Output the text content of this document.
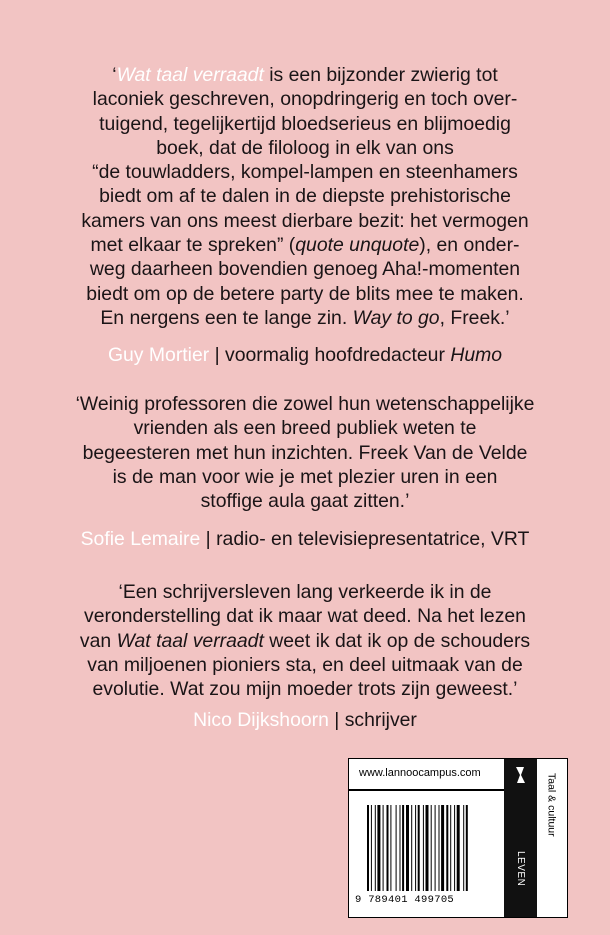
‘Wat taal verraadt is een bijzonder zwierig tot
laconiek geschreven, onopdringerig en toch over-
tuigend, tegelijkertijd bloedserieus en blijmoedig
boek, dat de filoloog in elk van ons
“de touwladders, kompel-lampen en steenhamers
biedt om af te dalen in de diepste prehistorische
kamers van ons meest dierbare bezit: het vermogen
met elkaar te spreken” (quote unquote), en onder-
weg daarheen bovendien genoeg Aha!-momenten
biedt om op de betere party de blits mee te maken.
En nergens een te lange zin. Way to go, Freek.’

Guy Mortier | voormalig hoofdredacteur Humo

‘Weinig professoren die zowel hun wetenschappelijke
vrienden als een breed publiek weten te
begeesteren met hun inzichten. Freek Van de Velde
is de man voor wie je met plezier uren in een
stoffige aula gaat zitten.’

Sofie Lemaire | radio- en televisiepresentatrice, VRT

‘Een schrijversleven lang verkeerde ik in de
veronderstelling dat ik maar wat deed. Na het lezen
van Wat taal verraadt weet ik dat ik op de schouders
van miljoenen pioniers sta, en deel uitmaak van de
evolutie. Wat zou mijn moeder trots zijn geweest.’

Nico Dijkshoorn | schrijver
www.lannoocampus.com
9 789401 499705
LEVEN
Taal & cultuur
